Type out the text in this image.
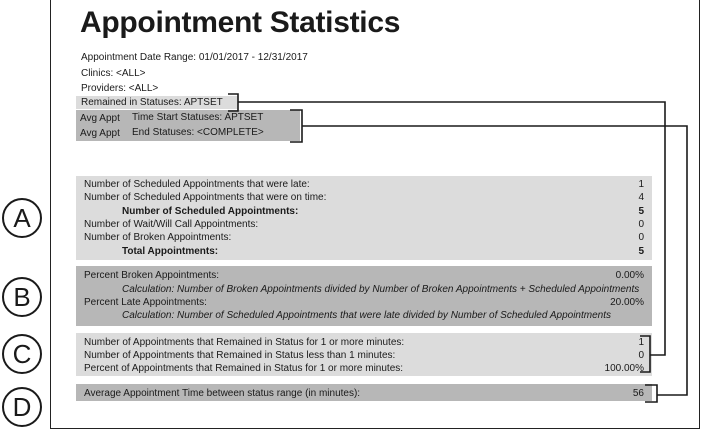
Appointment Statistics
Appointment Date Range: 01/01/2017 - 12/31/2017
Clinics: <ALL>
Providers: <ALL>
Remained in Statuses: APTSET
Avg Appt Time Start Statuses: APTSET
Avg Appt End Statuses: <COMPLETE>
Number of Scheduled Appointments that were late:	1
Number of Scheduled Appointments that were on time:	4
Number of Scheduled Appointments:	5
Number of Wait/Will Call Appointments:	0
Number of Broken Appointments:	0
Total Appointments:	5
Percent Broken Appointments:	0.00%
Calculation: Number of Broken Appointments divided by Number of Broken Appointments + Scheduled Appointments
Percent Late Appointments:	20.00%
Calculation: Number of Scheduled Appointments that were late divided by Number of Scheduled Appointments
Number of Appointments that Remained in Status for 1 or more minutes:	1
Number of Appointments that Remained in Status less than 1 minutes:	0
Percent of Appointments that Remained in Status for 1 or more minutes:	100.00%
Average Appointment Time between status range (in minutes):	56
A
B
C
D
